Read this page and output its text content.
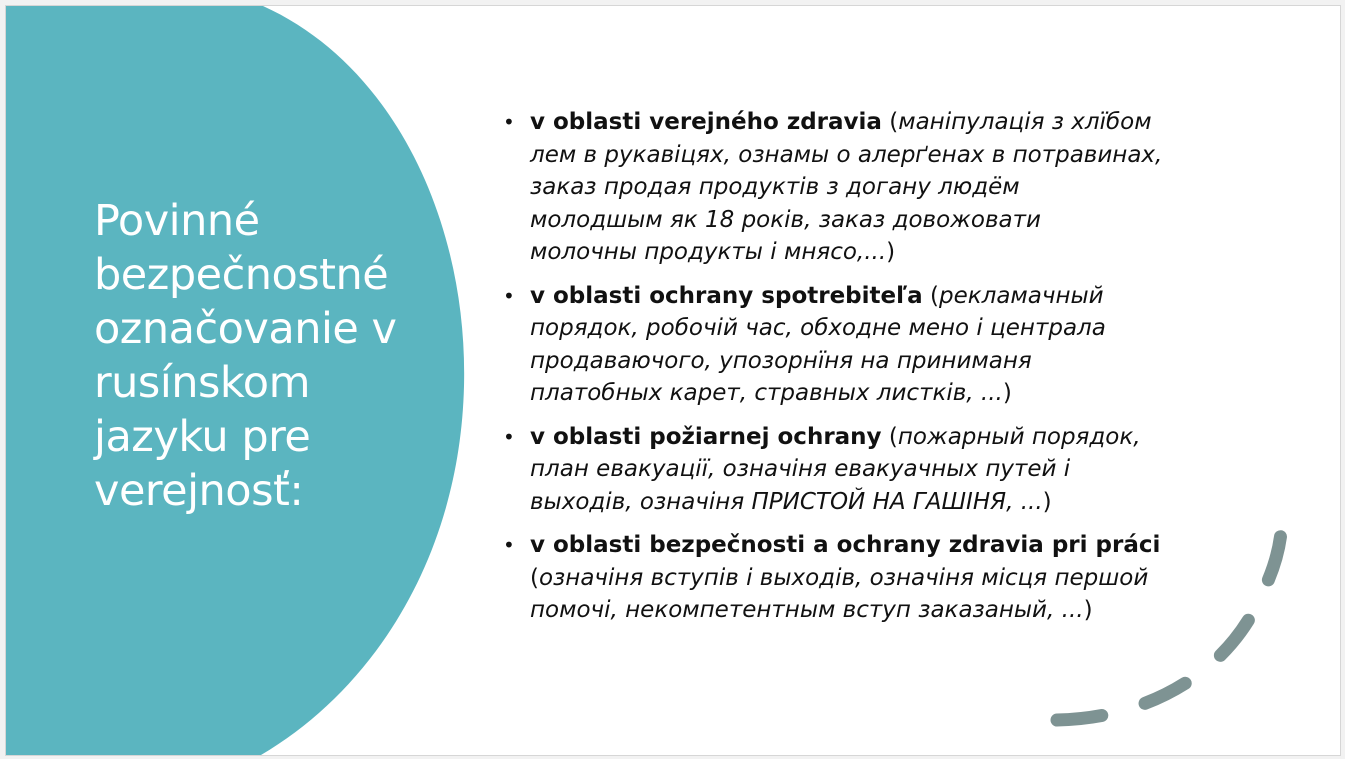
Povinné
bezpečnostné
označovanie v
rusínskom
jazyku pre
verejnosť:
• v oblasti verejného zdravia (маніпулація з хлїбом
лем в рукавіцях, ознамы о алерґенах в потравинах,
заказ продая продуктів з доганy людём
молодшым як 18 років, заказ довожовати
молочны продукты і мнясо,...)
• v oblasti ochrany spotrebiteľa (рекламачный
порядок, робочій час, обходне мено і централа
продаваючого, упозорнїня на приниманя
платобных карет, стравных листків, ...)
• v oblasti požiarnej ochrany (пожарный порядок,
план евакуації, означіня евакуачных путей і
выходів, означіня ПРИСТОЙ НА ГАШІНЯ, ...)
• v oblasti bezpečnosti a ochrany zdravia pri práci
(означіня вступів і выходів, означіня місця першой
помочі, некомпетентным вступ заказаный, ...)
